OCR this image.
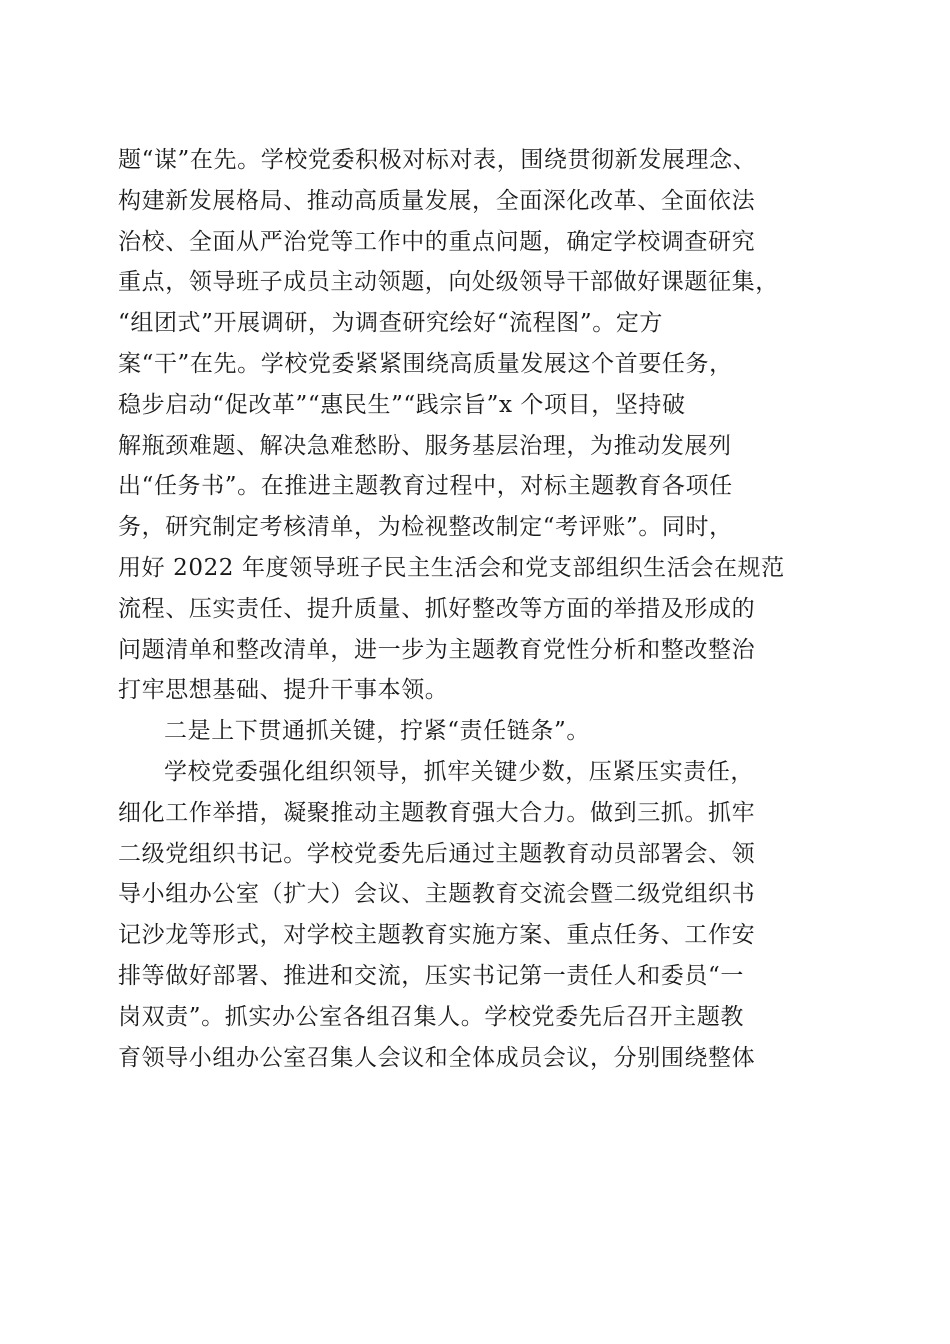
题“谋”在先。学校党委积极对标对表，围绕贯彻新发展理念、
构建新发展格局、推动高质量发展，全面深化改革、全面依法
治校、全面从严治党等工作中的重点问题，确定学校调查研究
重点，领导班子成员主动领题，向处级领导干部做好课题征集，
“组团式”开展调研，为调查研究绘好“流程图”。定方
案“干”在先。学校党委紧紧围绕高质量发展这个首要任务，
稳步启动“促改革”“惠民生”“践宗旨”x 个项目，坚持破
解瓶颈难题、解决急难愁盼、服务基层治理，为推动发展列
出“任务书”。在推进主题教育过程中，对标主题教育各项任
务，研究制定考核清单，为检视整改制定“考评账”。同时，
用好 2022 年度领导班子民主生活会和党支部组织生活会在规范
流程、压实责任、提升质量、抓好整改等方面的举措及形成的
问题清单和整改清单，进一步为主题教育党性分析和整改整治
打牢思想基础、提升干事本领。
二是上下贯通抓关键，拧紧“责任链条”。
学校党委强化组织领导，抓牢关键少数，压紧压实责任，
细化工作举措，凝聚推动主题教育强大合力。做到三抓。抓牢
二级党组织书记。学校党委先后通过主题教育动员部署会、领
导小组办公室（扩大）会议、主题教育交流会暨二级党组织书
记沙龙等形式，对学校主题教育实施方案、重点任务、工作安
排等做好部署、推进和交流，压实书记第一责任人和委员“一
岗双责”。抓实办公室各组召集人。学校党委先后召开主题教
育领导小组办公室召集人会议和全体成员会议，分别围绕整体
